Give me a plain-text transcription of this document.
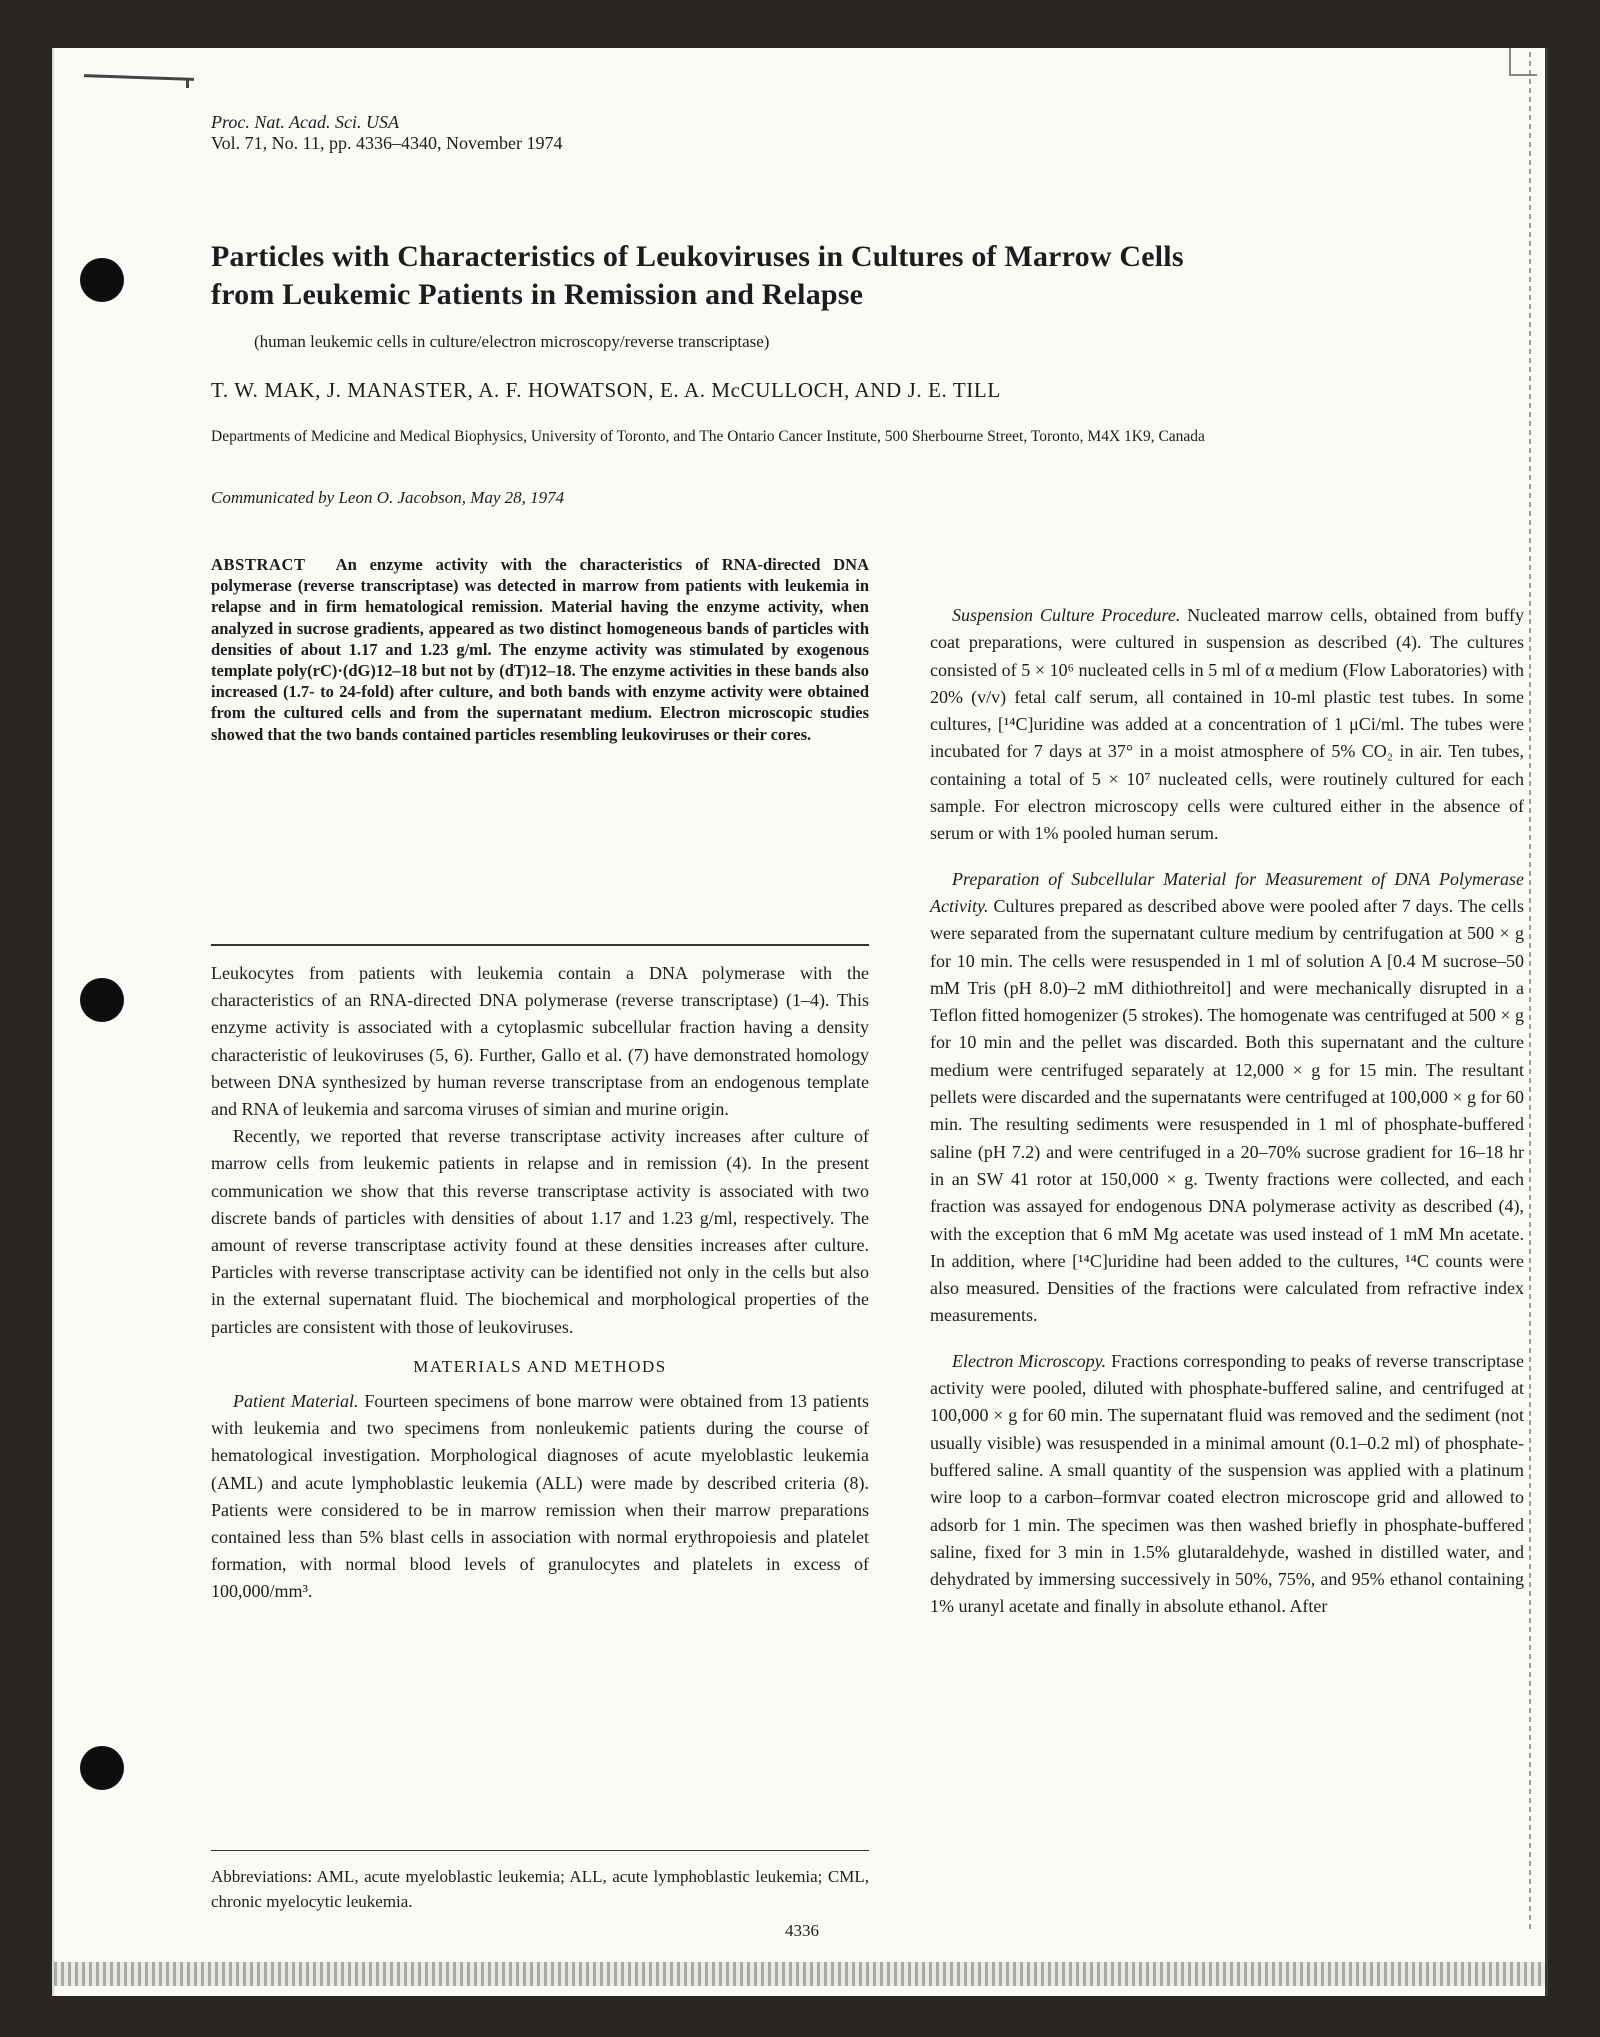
Proc. Nat. Acad. Sci. USA
Vol. 71, No. 11, pp. 4336–4340, November 1974
Particles with Characteristics of Leukoviruses in Cultures of Marrow Cells
from Leukemic Patients in Remission and Relapse
(human leukemic cells in culture/electron microscopy/reverse transcriptase)
T. W. MAK, J. MANASTER, A. F. HOWATSON, E. A. McCULLOCH, AND J. E. TILL
Departments of Medicine and Medical Biophysics, University of Toronto, and The Ontario Cancer Institute, 500 Sherbourne Street, Toronto, M4X 1K9, Canada
Communicated by Leon O. Jacobson, May 28, 1974

ABSTRACT An enzyme activity with the characteristics of RNA-directed DNA polymerase (reverse transcriptase) was detected in marrow from patients with leukemia in relapse and in firm hematological remission. Material having the enzyme activity, when analyzed in sucrose gradients, appeared as two distinct homogeneous bands of particles with densities of about 1.17 and 1.23 g/ml. The enzyme activity was stimulated by exogenous template poly(rC)·(dG)12–18 but not by (dT)12–18. The enzyme activities in these bands also increased (1.7- to 24-fold) after culture, and both bands with enzyme activity were obtained from the cultured cells and from the supernatant medium. Electron microscopic studies showed that the two bands contained particles resembling leukoviruses or their cores.

Leukocytes from patients with leukemia contain a DNA polymerase with the characteristics of an RNA-directed DNA polymerase (reverse transcriptase) (1–4). This enzyme activity is associated with a cytoplasmic subcellular fraction having a density characteristic of leukoviruses (5, 6). Further, Gallo et al. (7) have demonstrated homology between DNA synthesized by human reverse transcriptase from an endogenous template and RNA of leukemia and sarcoma viruses of simian and murine origin.

Recently, we reported that reverse transcriptase activity increases after culture of marrow cells from leukemic patients in relapse and in remission (4). In the present communication we show that this reverse transcriptase activity is associated with two discrete bands of particles with densities of about 1.17 and 1.23 g/ml, respectively. The amount of reverse transcriptase activity found at these densities increases after culture. Particles with reverse transcriptase activity can be identified not only in the cells but also in the external supernatant fluid. The biochemical and morphological properties of the particles are consistent with those of leukoviruses.

MATERIALS AND METHODS

Patient Material. Fourteen specimens of bone marrow were obtained from 13 patients with leukemia and two specimens from nonleukemic patients during the course of hematological investigation. Morphological diagnoses of acute myeloblastic leukemia (AML) and acute lymphoblastic leukemia (ALL) were made by described criteria (8). Patients were considered to be in marrow remission when their marrow preparations contained less than 5% blast cells in association with normal erythropoiesis and platelet formation, with normal blood levels of granulocytes and platelets in excess of 100,000/mm³.

Abbreviations: AML, acute myeloblastic leukemia; ALL, acute lymphoblastic leukemia; CML, chronic myelocytic leukemia.

Suspension Culture Procedure. Nucleated marrow cells, obtained from buffy coat preparations, were cultured in suspension as described (4). The cultures consisted of 5 × 10⁶ nucleated cells in 5 ml of α medium (Flow Laboratories) with 20% (v/v) fetal calf serum, all contained in 10-ml plastic test tubes. In some cultures, [¹⁴C]uridine was added at a concentration of 1 μCi/ml. The tubes were incubated for 7 days at 37° in a moist atmosphere of 5% CO₂ in air. Ten tubes, containing a total of 5 × 10⁷ nucleated cells, were routinely cultured for each sample. For electron microscopy cells were cultured either in the absence of serum or with 1% pooled human serum.

Preparation of Subcellular Material for Measurement of DNA Polymerase Activity. Cultures prepared as described above were pooled after 7 days. The cells were separated from the supernatant culture medium by centrifugation at 500 × g for 10 min. The cells were resuspended in 1 ml of solution A [0.4 M sucrose–50 mM Tris (pH 8.0)–2 mM dithiothreitol] and were mechanically disrupted in a Teflon fitted homogenizer (5 strokes). The homogenate was centrifuged at 500 × g for 10 min and the pellet was discarded. Both this supernatant and the culture medium were centrifuged separately at 12,000 × g for 15 min. The resultant pellets were discarded and the supernatants were centrifuged at 100,000 × g for 60 min. The resulting sediments were resuspended in 1 ml of phosphate-buffered saline (pH 7.2) and were centrifuged in a 20–70% sucrose gradient for 16–18 hr in an SW 41 rotor at 150,000 × g. Twenty fractions were collected, and each fraction was assayed for endogenous DNA polymerase activity as described (4), with the exception that 6 mM Mg acetate was used instead of 1 mM Mn acetate. In addition, where [¹⁴C]uridine had been added to the cultures, ¹⁴C counts were also measured. Densities of the fractions were calculated from refractive index measurements.

Electron Microscopy. Fractions corresponding to peaks of reverse transcriptase activity were pooled, diluted with phosphate-buffered saline, and centrifuged at 100,000 × g for 60 min. The supernatant fluid was removed and the sediment (not usually visible) was resuspended in a minimal amount (0.1–0.2 ml) of phosphate-buffered saline. A small quantity of the suspension was applied with a platinum wire loop to a carbon–formvar coated electron microscope grid and allowed to adsorb for 1 min. The specimen was then washed briefly in phosphate-buffered saline, fixed for 3 min in 1.5% glutaraldehyde, washed in distilled water, and dehydrated by immersing successively in 50%, 75%, and 95% ethanol containing 1% uranyl acetate and finally in absolute ethanol. After

4336
